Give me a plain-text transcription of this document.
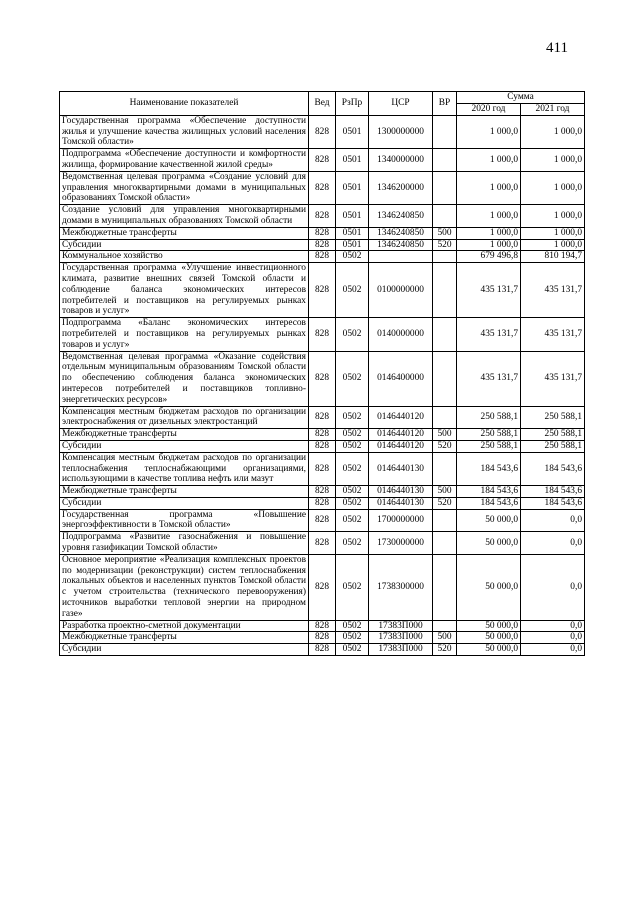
411
Наименование показателей	Вед	РзПр	ЦСР	ВР	Сумма	
					2020 год	2021 год
Государственная программа «Обеспечение доступности жилья и улучшение качества жилищных условий населения Томской области»	828	0501	1300000000		1 000,0	1 000,0
Подпрограмма «Обеспечение доступности и комфортности жилища, формирование качественной жилой среды»	828	0501	1340000000		1 000,0	1 000,0
Ведомственная целевая программа «Создание условий для управления многоквартирными домами в муниципальных образованиях Томской области»	828	0501	1346200000		1 000,0	1 000,0
Создание условий для управления многоквартирными домами в муниципальных образованиях Томской области	828	0501	1346240850		1 000,0	1 000,0
Межбюджетные трансферты	828	0501	1346240850	500	1 000,0	1 000,0
Субсидии	828	0501	1346240850	520	1 000,0	1 000,0
Коммунальное хозяйство	828	0502			679 496,8	810 194,7
Государственная программа «Улучшение инвестиционного климата, развитие внешних связей Томской области и соблюдение баланса экономических интересов потребителей и поставщиков на регулируемых рынках товаров и услуг»	828	0502	0100000000		435 131,7	435 131,7
Подпрограмма «Баланс экономических интересов потребителей и поставщиков на регулируемых рынках товаров и услуг»	828	0502	0140000000		435 131,7	435 131,7
Ведомственная целевая программа «Оказание содействия отдельным муниципальным образованиям Томской области по обеспечению соблюдения баланса экономических интересов потребителей и поставщиков топливно-энергетических ресурсов»	828	0502	0146400000		435 131,7	435 131,7
Компенсация местным бюджетам расходов по организации электроснабжения от дизельных электростанций	828	0502	0146440120		250 588,1	250 588,1
Межбюджетные трансферты	828	0502	0146440120	500	250 588,1	250 588,1
Субсидии	828	0502	0146440120	520	250 588,1	250 588,1
Компенсация местным бюджетам расходов по организации теплоснабжения теплоснабжающими организациями, использующими в качестве топлива нефть или мазут	828	0502	0146440130		184 543,6	184 543,6
Межбюджетные трансферты	828	0502	0146440130	500	184 543,6	184 543,6
Субсидии	828	0502	0146440130	520	184 543,6	184 543,6
Государственная программа «Повышение энергоэффективности в Томской области»	828	0502	1700000000		50 000,0	0,0
Подпрограмма «Развитие газоснабжения и повышение уровня газификации Томской области»	828	0502	1730000000		50 000,0	0,0
Основное мероприятие «Реализация комплексных проектов по модернизации (реконструкции) систем теплоснабжения локальных объектов и населенных пунктов Томской области с учетом строительства (технического перевооружения) источников выработки тепловой энергии на природном газе»	828	0502	1738300000		50 000,0	0,0
Разработка проектно-сметной документации	828	0502	17383П000		50 000,0	0,0
Межбюджетные трансферты	828	0502	17383П000	500	50 000,0	0,0
Субсидии	828	0502	17383П000	520	50 000,0	0,0
